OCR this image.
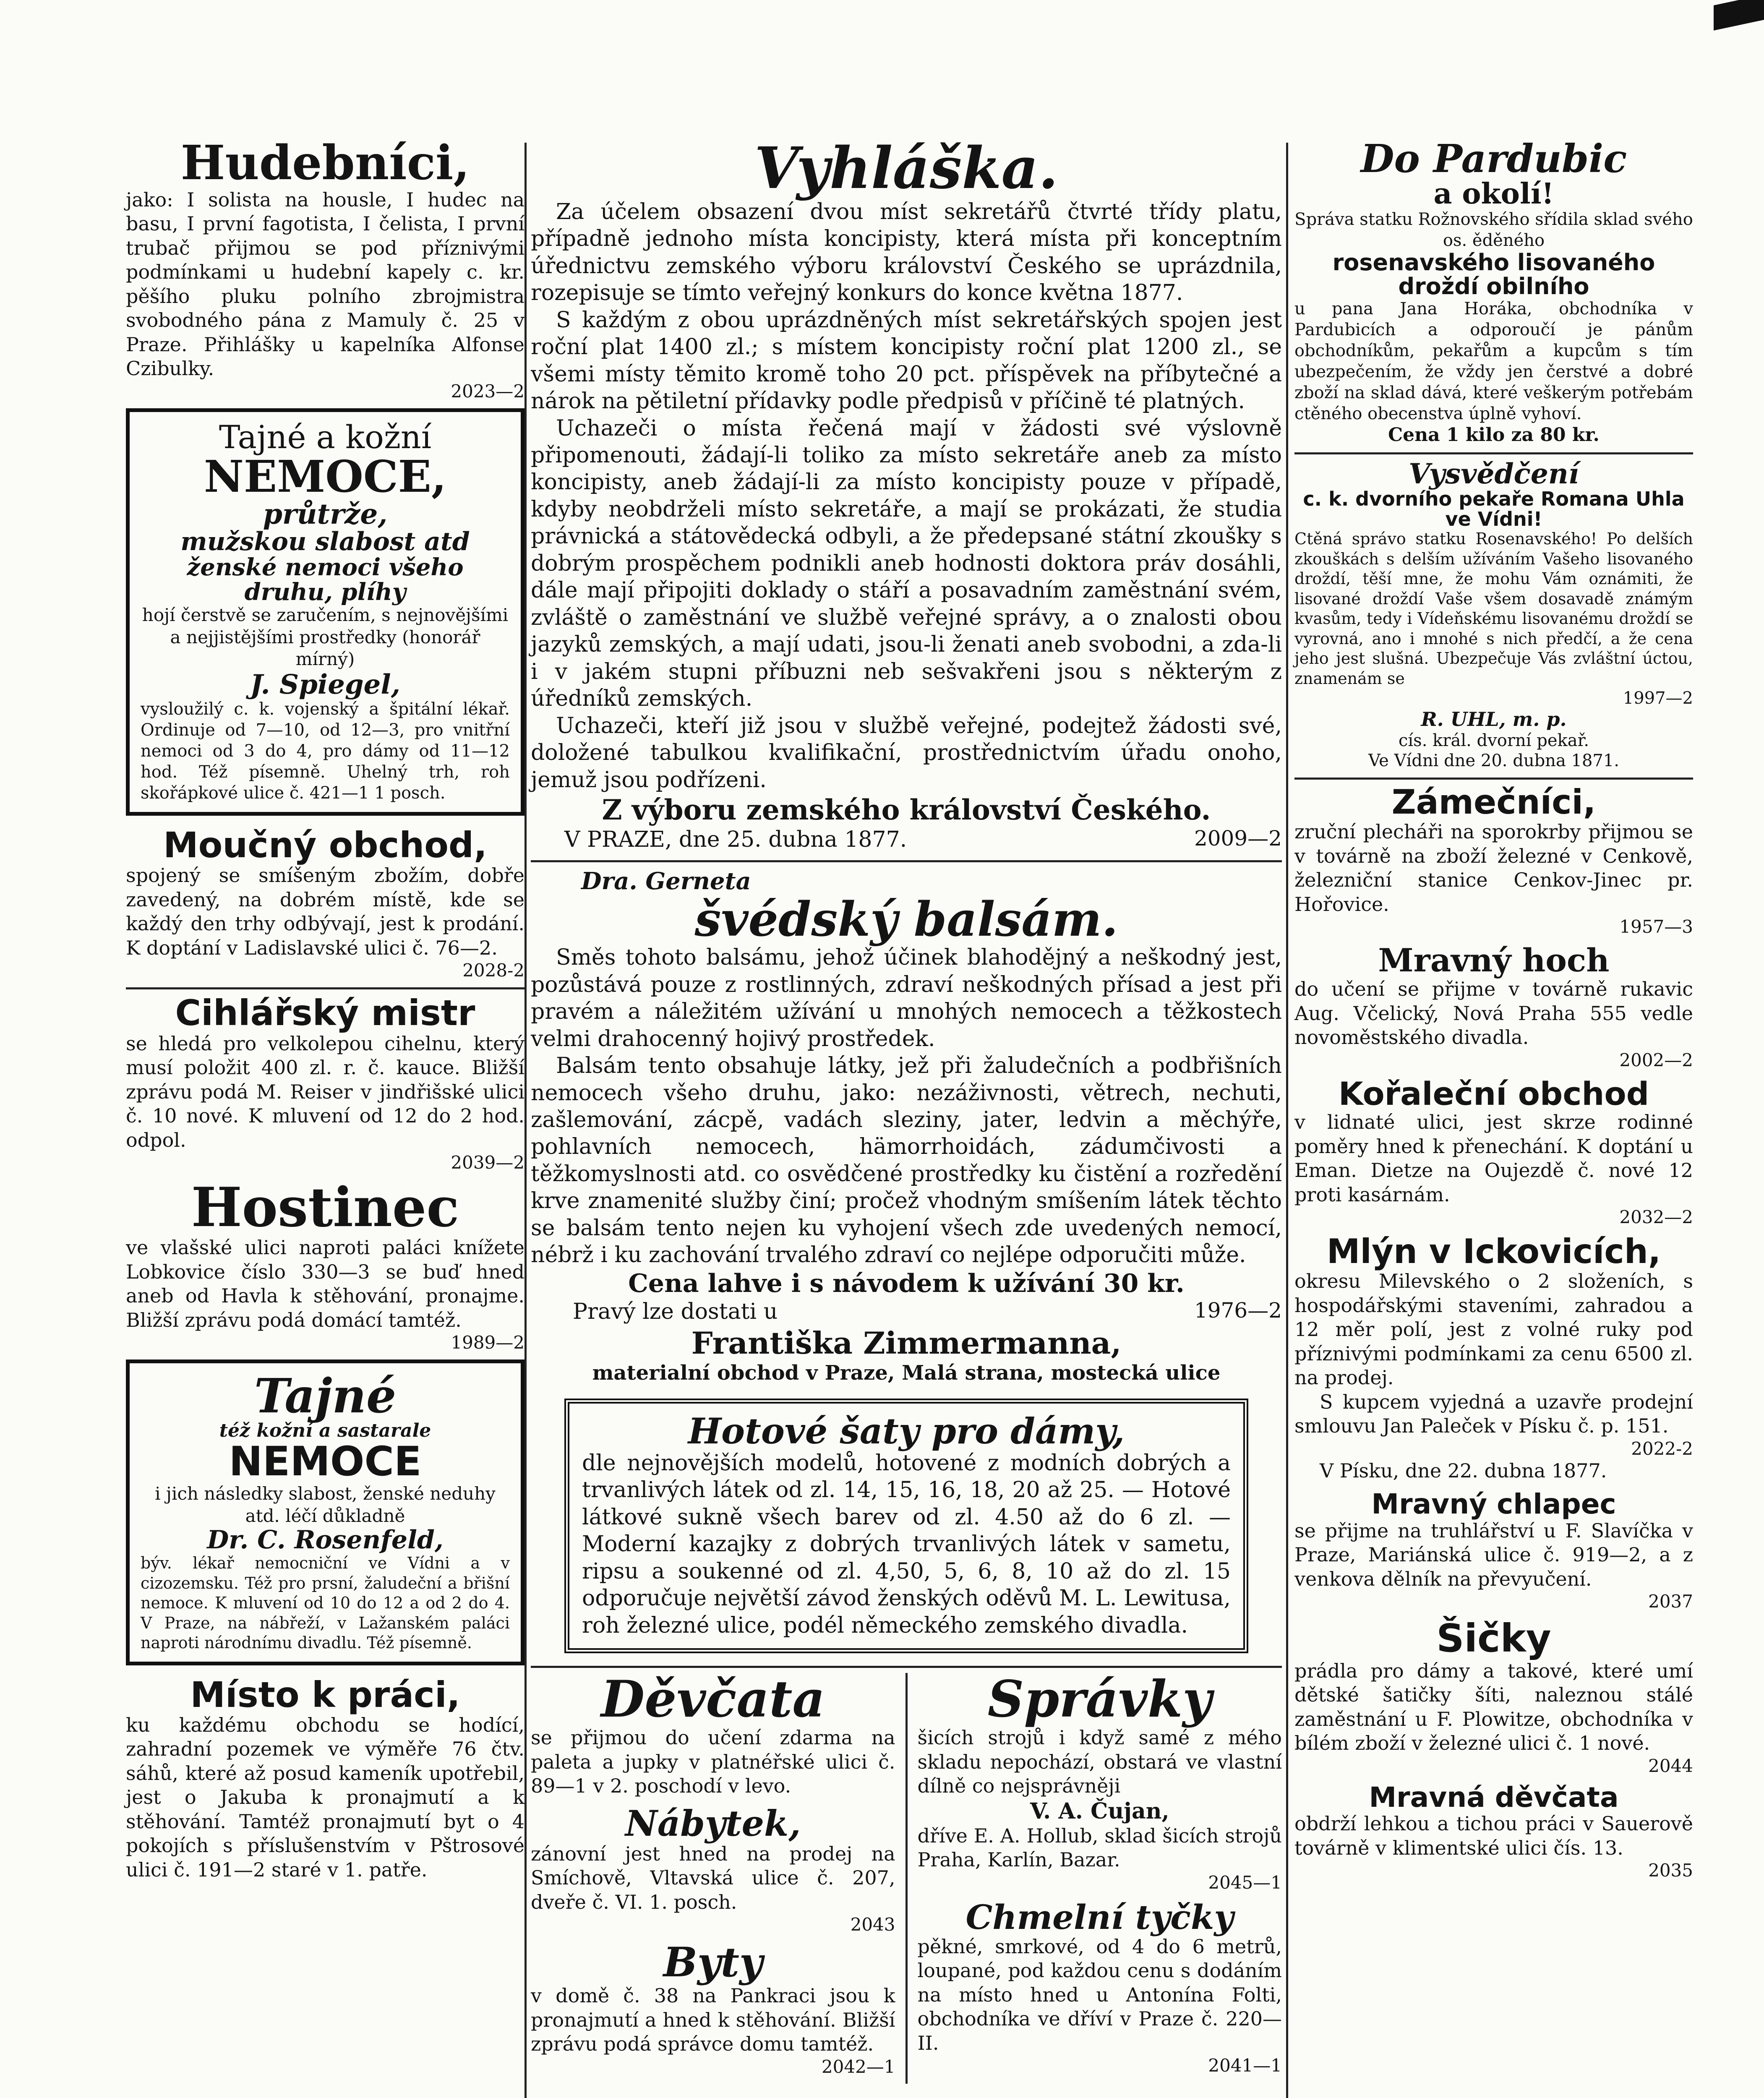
Hudebníci,

jako: I solista na housle, I hudec na basu, I první fagotista, I čelista, I první trubač přijmou se pod příznivými podmínkami u hudební kapely c. kr. pěšího pluku polního zbrojmistra svobodného pána z Mamuly č. 25 v Praze. Přihlášky u kapelníka Alfonse Czibulky.

2023—2

Tajné a kožní

NEMOCE,

průtrže,

mužskou slabost atd

ženské nemoci všeho druhu, plíhy

hojí čerstvě se zaručením, s nejnovějšími a nejjistějšími prostředky (honorář mírný)

J. Spiegel,

vysloužilý c. k. vojenský a špitální lékař. Ordinuje od 7—10, od 12—3, pro vnitřní nemoci od 3 do 4, pro dámy od 11—12 hod. Též písemně. Uhelný trh, roh skořápkové ulice č. 421—1 1 posch.

Moučný obchod,

spojený se smíšeným zbožím, dobře zavedený, na dobrém místě, kde se každý den trhy odbývají, jest k prodání. K doptání v Ladislavské ulici č. 76—2.

2028-2

Cihlářský mistr

se hledá pro velkolepou cihelnu, který musí položit 400 zl. r. č. kauce. Bližší zprávu podá M. Reiser v jindřišské ulici č. 10 nové. K mluvení od 12 do 2 hod. odpol.

2039—2

Hostinec

ve vlašské ulici naproti paláci knížete Lobkovice číslo 330—3 se buď hned aneb od Havla k stěhování, pronajme. Bližší zprávu podá domácí tamtéž.

1989—2

Tajné

též kožní a sastarale

NEMOCE

i jich následky slabost, ženské neduhy atd. léčí důkladně

Dr. C. Rosenfeld,

býv. lékař nemocniční ve Vídni a v cizozemsku. Též pro prsní, žaludeční a břišní nemoce. K mluvení od 10 do 12 a od 2 do 4. V Praze, na nábřeží, v Lažanském paláci naproti národnímu divadlu. Též písemně.

Místo k práci,

ku každému obchodu se hodící, zahradní pozemek ve výměře 76 čtv. sáhů, které až posud kameník upotřebil, jest o Jakuba k pronajmutí a k stěhování. Tamtéž pronajmutí byt o 4 pokojích s příslušenstvím v Pštrosové ulici č. 191—2 staré v 1. patře.

Vyhláška.

Za účelem obsazení dvou míst sekretářů čtvrté třídy platu, případně jednoho místa koncipisty, která místa při konceptním úřednictvu zemského výboru království Českého se uprázdnila, rozepisuje se tímto veřejný konkurs do konce května 1877.

S každým z obou uprázdněných míst sekretářských spojen jest roční plat 1400 zl.; s místem koncipisty roční plat 1200 zl., se všemi místy těmito kromě toho 20 pct. příspěvek na příbytečné a nárok na pětiletní přídavky podle předpisů v příčině té platných.

Uchazeči o místa řečená mají v žádosti své výslovně připomenouti, žádají-li toliko za místo sekretáře aneb za místo koncipisty, aneb žádají-li za místo koncipisty pouze v případě, kdyby neobdrželi místo sekretáře, a mají se prokázati, že studia právnická a státovědecká odbyli, a že předepsané státní zkoušky s dobrým prospěchem podnikli aneb hodnosti doktora práv dosáhli, dále mají připojiti doklady o stáří a posavadním zaměstnání svém, zvláště o zaměstnání ve službě veřejné správy, a o znalosti obou jazyků zemských, a mají udati, jsou-li ženati aneb svobodni, a zda-li i v jakém stupni příbuzni neb sešvakřeni jsou s některým z úředníků zemských.

Uchazeči, kteří již jsou v službě veřejné, podejtež žádosti své, doložené tabulkou kvalifikační, prostřednictvím úřadu onoho, jemuž jsou podřízeni.

Z výboru zemského království Českého.

V PRAZE, dne 25. dubna 1877.	2009—2

Dra. Gerneta

švédský balsám.

Směs tohoto balsámu, jehož účinek blahodějný a neškodný jest, pozůstává pouze z rostlinných, zdraví neškodných přísad a jest při pravém a náležitém užívání u mnohých nemocech a těžkostech velmi drahocenný hojivý prostředek.

Balsám tento obsahuje látky, jež při žaludečních a podbřišních nemocech všeho druhu, jako: nezáživnosti, větrech, nechuti, zašlemování, zácpě, vadách sleziny, jater, ledvin a měchýře, pohlavních nemocech, hämorrhoidách, zádumčivosti a těžkomyslnosti atd. co osvědčené prostředky ku čistění a rozředění krve znamenité služby činí; pročež vhodným smíšením látek těchto se balsám tento nejen ku vyhojení všech zde uvedených nemocí, nébrž i ku zachování trvalého zdraví co nejlépe odporučiti může.

Cena lahve i s návodem k užívání 30 kr.

Pravý lze dostati u	1976—2

Františka Zimmermanna,

materialní obchod v Praze, Malá strana, mostecká ulice

Hotové šaty pro dámy,

dle nejnovějších modelů, hotovené z modních dobrých a trvanlivých látek od zl. 14, 15, 16, 18, 20 až 25. — Hotové látkové sukně všech barev od zl. 4.50 až do 6 zl. — Moderní kazajky z dobrých trvanlivých látek v sametu, ripsu a soukenné od zl. 4,50, 5, 6, 8, 10 až do zl. 15 odporučuje největší závod ženských oděvů M. L. Lewitusa, roh železné ulice, podél německého zemského divadla.

Děvčata

se přijmou do učení zdarma na paleta a jupky v platnéřské ulici č. 89—1 v 2. poschodí v levo.

Nábytek,

zánovní jest hned na prodej na Smíchově, Vltavská ulice č. 207, dveře č. VI. 1. posch.

2043

Byty

v domě č. 38 na Pankraci jsou k pronajmutí a hned k stěhování. Bližší zprávu podá správce domu tamtéž.

2042—1

Správky

šicích strojů i když samé z mého skladu nepochází, obstará ve vlastní dílně co nejsprávněji

V. A. Čujan,

dříve E. A. Hollub, sklad šicích strojů Praha, Karlín, Bazar.

2045—1

Chmelní tyčky

pěkné, smrkové, od 4 do 6 metrů, loupané, pod každou cenu s dodáním na místo hned u Antonína Folti, obchodníka ve dříví v Praze č. 220—II.

2041—1

Do Pardubic

a okolí!

Správa statku Rožnovského sřídila sklad svého os. ěděného

rosenavského lisovaného droždí obilního

u pana Jana Horáka, obchodníka v Pardubicích a odporoučí je pánům obchodníkům, pekařům a kupcům s tím ubezpečením, že vždy jen čerstvé a dobré zboží na sklad dává, které veškerým potřebám ctěného obecenstva úplně vyhoví.

Cena 1 kilo za 80 kr.

Vysvědčení

c. k. dvorního pekaře Romana Uhla ve Vídni!

Ctěná správo statku Rosenavského! Po delších zkouškách s delším užíváním Vašeho lisovaného droždí, těší mne, že mohu Vám oznámiti, že lisované droždí Vaše všem dosavadě známým kvasům, tedy i Vídeňskému lisovanému droždí se vyrovná, ano i mnohé s nich předčí, a že cena jeho jest slušná. Ubezpečuje Vás zvláštní úctou, znamenám se

1997—2

R. UHL, m. p.

cís. král. dvorní pekař.

Ve Vídni dne 20. dubna 1871.

Zámečníci,

zruční plecháři na sporokrby přijmou se v továrně na zboží železné v Cenkově, železniční stanice Cenkov-Jinec pr. Hořovice.

1957—3

Mravný hoch

do učení se přijme v továrně rukavic Aug. Včelický, Nová Praha 555 vedle novoměstského divadla.

2002—2

Kořaleční obchod

v lidnaté ulici, jest skrze rodinné poměry hned k přenechání. K doptání u Eman. Dietze na Oujezdě č. nové 12 proti kasárnám.

2032—2

Mlýn v Ickovicích,

okresu Milevského o 2 složeních, s hospodářskými staveními, zahradou a 12 měr polí, jest z volné ruky pod příznivými podmínkami za cenu 6500 zl. na prodej.

S kupcem vyjedná a uzavře prodejní smlouvu Jan Paleček v Písku č. p. 151.

2022-2

V Písku, dne 22. dubna 1877.

Mravný chlapec

se přijme na truhlářství u F. Slavíčka v Praze, Mariánská ulice č. 919—2, a z venkova dělník na převyučení.

2037

Šičky

prádla pro dámy a takové, které umí dětské šatičky šíti, naleznou stálé zaměstnání u F. Plowitze, obchodníka v bílém zboží v železné ulici č. 1 nové.

2044

Mravná děvčata

obdrží lehkou a tichou práci v Sauerově továrně v klimentské ulici čís. 13.

2035
